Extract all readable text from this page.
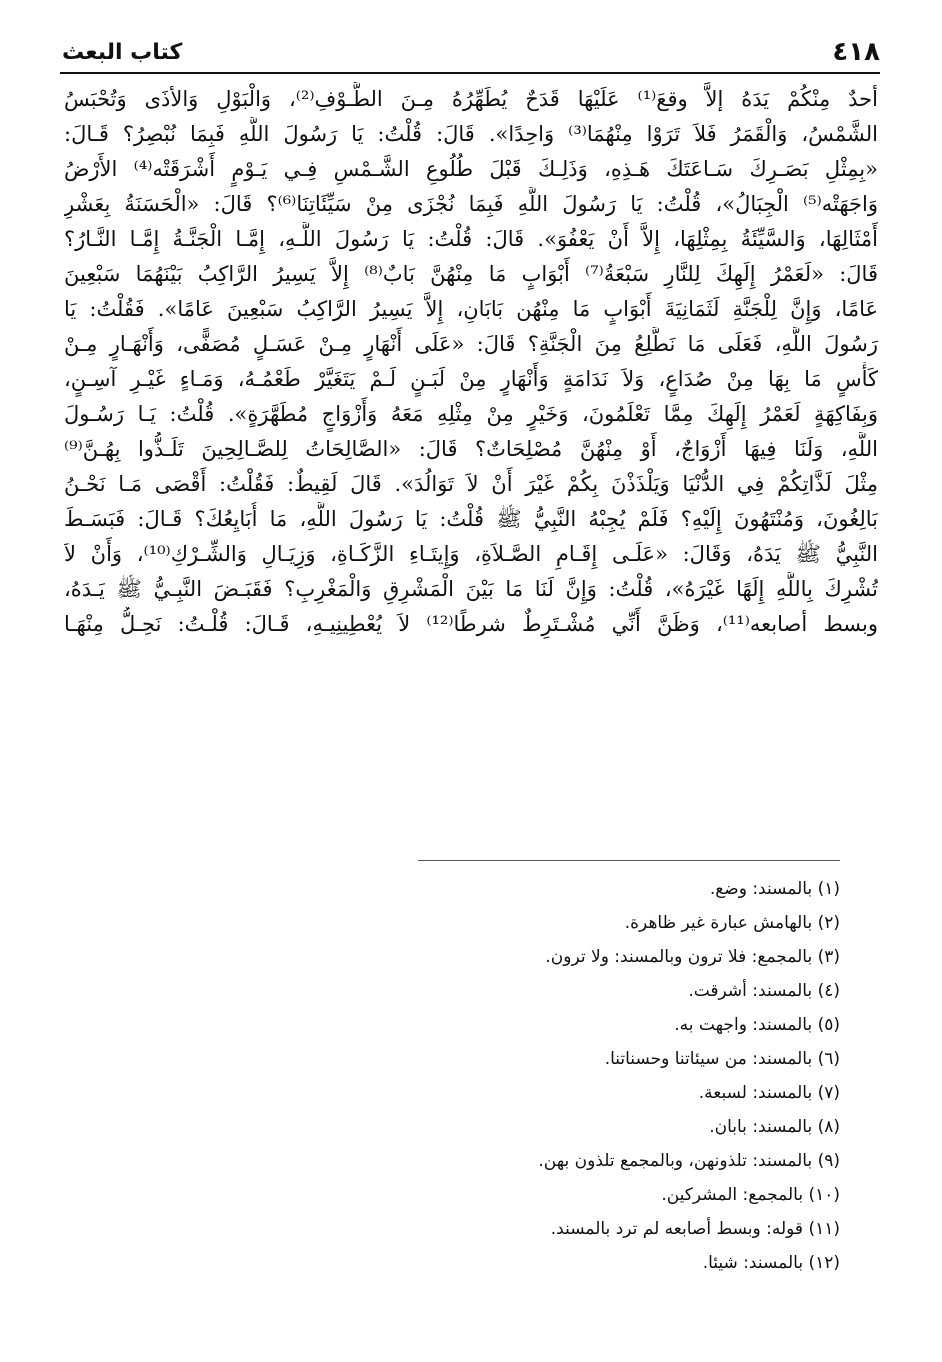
٤١٨
كتاب البعث
أحدٌ مِنْكُمْ يَدَهُ إلاَّ وقعَ⁽¹⁾ عَلَيْهَا قَدَحٌ يُطَهِّرُهُ مِـنَ الطَّـوْفِ⁽²⁾، وَالْبَوْلِ وَالأذَى وَتُحْبَسُ
الشَّمْسُ، وَالْقَمَرُ فَلاَ تَرَوْا مِنْهُمَا⁽³⁾ وَاحِدًا». قَالَ: قُلْتُ: يَا رَسُولَ اللَّهِ فَبِمَا نُبْصِرُ؟ قَـالَ:
«بِمِثْلِ بَصَـرِكَ سَـاعَتَكَ هَـذِهِ، وَذَلِـكَ قَبْلَ طُلُوعِ الشَّـمْسِ فِـي يَـوْمٍ أَشْرَقَتْه⁽⁴⁾ الأَرْضُ
وَاجَهَتْه⁽⁵⁾ الْجِبَالُ»، قُلْتُ: يَا رَسُولَ اللَّهِ فَبِمَا نُجْزَى مِنْ سَيِّئَاتِنَا⁽⁶⁾؟ قَالَ: «الْحَسَنَةُ بِعَشْرِ
أَمْثَالِهَا، وَالسَّيِّئَةُ بِمِثْلِهَا، إِلاَّ أَنْ يَعْفُوَ». قَالَ: قُلْتُ: يَا رَسُولَ اللَّـهِ، إِمَّـا الْجَنَّـةُ إِمَّـا النَّـارُ؟
قَالَ: «لَعَمْرُ إِلَهِكَ لِلنَّارِ سَبْعَةُ⁽⁷⁾ أَبْوَابٍ مَا مِنْهُنَّ بَابٌ⁽⁸⁾ إِلاَّ يَسِيرُ الرَّاكِبُ بَيْنَهُمَا سَبْعِينَ
عَامًا، وَإِنَّ لِلْجَنَّةِ لَثَمَانِيَةَ أَبْوَابٍ مَا مِنْهُن بَابَانِ، إِلاَّ يَسِيرُ الرَّاكِبُ سَبْعِينَ عَامًا». فَقُلْتُ: يَا
رَسُولَ اللَّهِ، فَعَلَى مَا نَطَّلِعُ مِنَ الْجَنَّةِ؟ قَالَ: «عَلَى أَنْهَارٍ مِـنْ عَسَـلٍ مُصَفًّى، وَأَنْهَـارٍ مِـنْ
كَأْسٍ مَا بِهَا مِنْ صُدَاعٍ، وَلاَ نَدَامَةٍ وَأَنْهَارٍ مِنْ لَبَـنٍ لَـمْ يَتَغَيَّرْ طَعْمُـهُ، وَمَـاءٍ غَيْـرِ آسِـنٍ،
وَبِفَاكِهَةٍ لَعَمْرُ إِلَهِكَ مِمَّا تَعْلَمُونَ، وَخَيْرٍ مِنْ مِثْلِهِ مَعَهُ وَأَزْوَاجٍ مُطَهَّرَةٍ». قُلْتُ: يَـا رَسُـولَ
اللَّهِ، وَلَنَا فِيهَا أَزْوَاجٌ، أَوْ مِنْهُنَّ مُصْلِحَاتٌ؟ قَالَ: «الصَّالِحَاتُ لِلصَّـالِحِينَ تَلَـذُّوا بِهُـنَّ⁽⁹⁾
مِثْلَ لَذَّاتِكُمْ فِي الدُّنْيَا وَيَلْذَذْنَ بِكُمْ غَيْرَ أَنْ لاَ تَوَالُدَ». قَالَ لَقِيطٌ: فَقُلْتُ: أَقْصَى مَـا نَحْـنُ
بَالِغُونَ، وَمُنْتَهُونَ إِلَيْهِ؟ فَلَمْ يُجِبْهُ النَّبِيُّ ﷺ قُلْتُ: يَا رَسُولَ اللَّهِ، مَا أُبَايِعُكَ؟ قَـالَ: فَبَسَـطَ
النَّبِيُّ ﷺ يَدَهُ، وَقَالَ: «عَلَـى إِقَـامِ الصَّـلاَةِ، وَإِيتَـاءِ الزَّكَـاةِ، وَزِيَـالِ وَالشِّـرْكِ⁽¹⁰⁾، وَأَنْ لاَ
تُشْرِكَ بِاللَّهِ إِلَهًا غَيْرَهُ»، قُلْتُ: وَإِنَّ لَنَا مَا بَيْنَ الْمَشْرِقِ وَالْمَغْرِبِ؟ فَقَبَـضَ النَّبِـيُّ ﷺ يَـدَهُ،
وبسط أصابعه⁽¹¹⁾، وَظَنَّ أَنِّي مُشْـتَرِطٌ شرطًا⁽¹²⁾ لاَ يُعْطِينِيـهِ، قَـالَ: قُلْـتُ: نَحِـلُّ مِنْهَـا
(١) بالمسند: وضع.
(٢) بالهامش عبارة غير ظاهرة.
(٣) بالمجمع: فلا ترون وبالمسند: ولا ترون.
(٤) بالمسند: أشرقت.
(٥) بالمسند: واجهت به.
(٦) بالمسند: من سيئاتنا وحسناتنا.
(٧) بالمسند: لسبعة.
(٨) بالمسند: بابان.
(٩) بالمسند: تلذونهن، وبالمجمع تلذون بهن.
(١٠) بالمجمع: المشركين.
(١١) قوله: وبسط أصابعه لم ترد بالمسند.
(١٢) بالمسند: شيئا.
